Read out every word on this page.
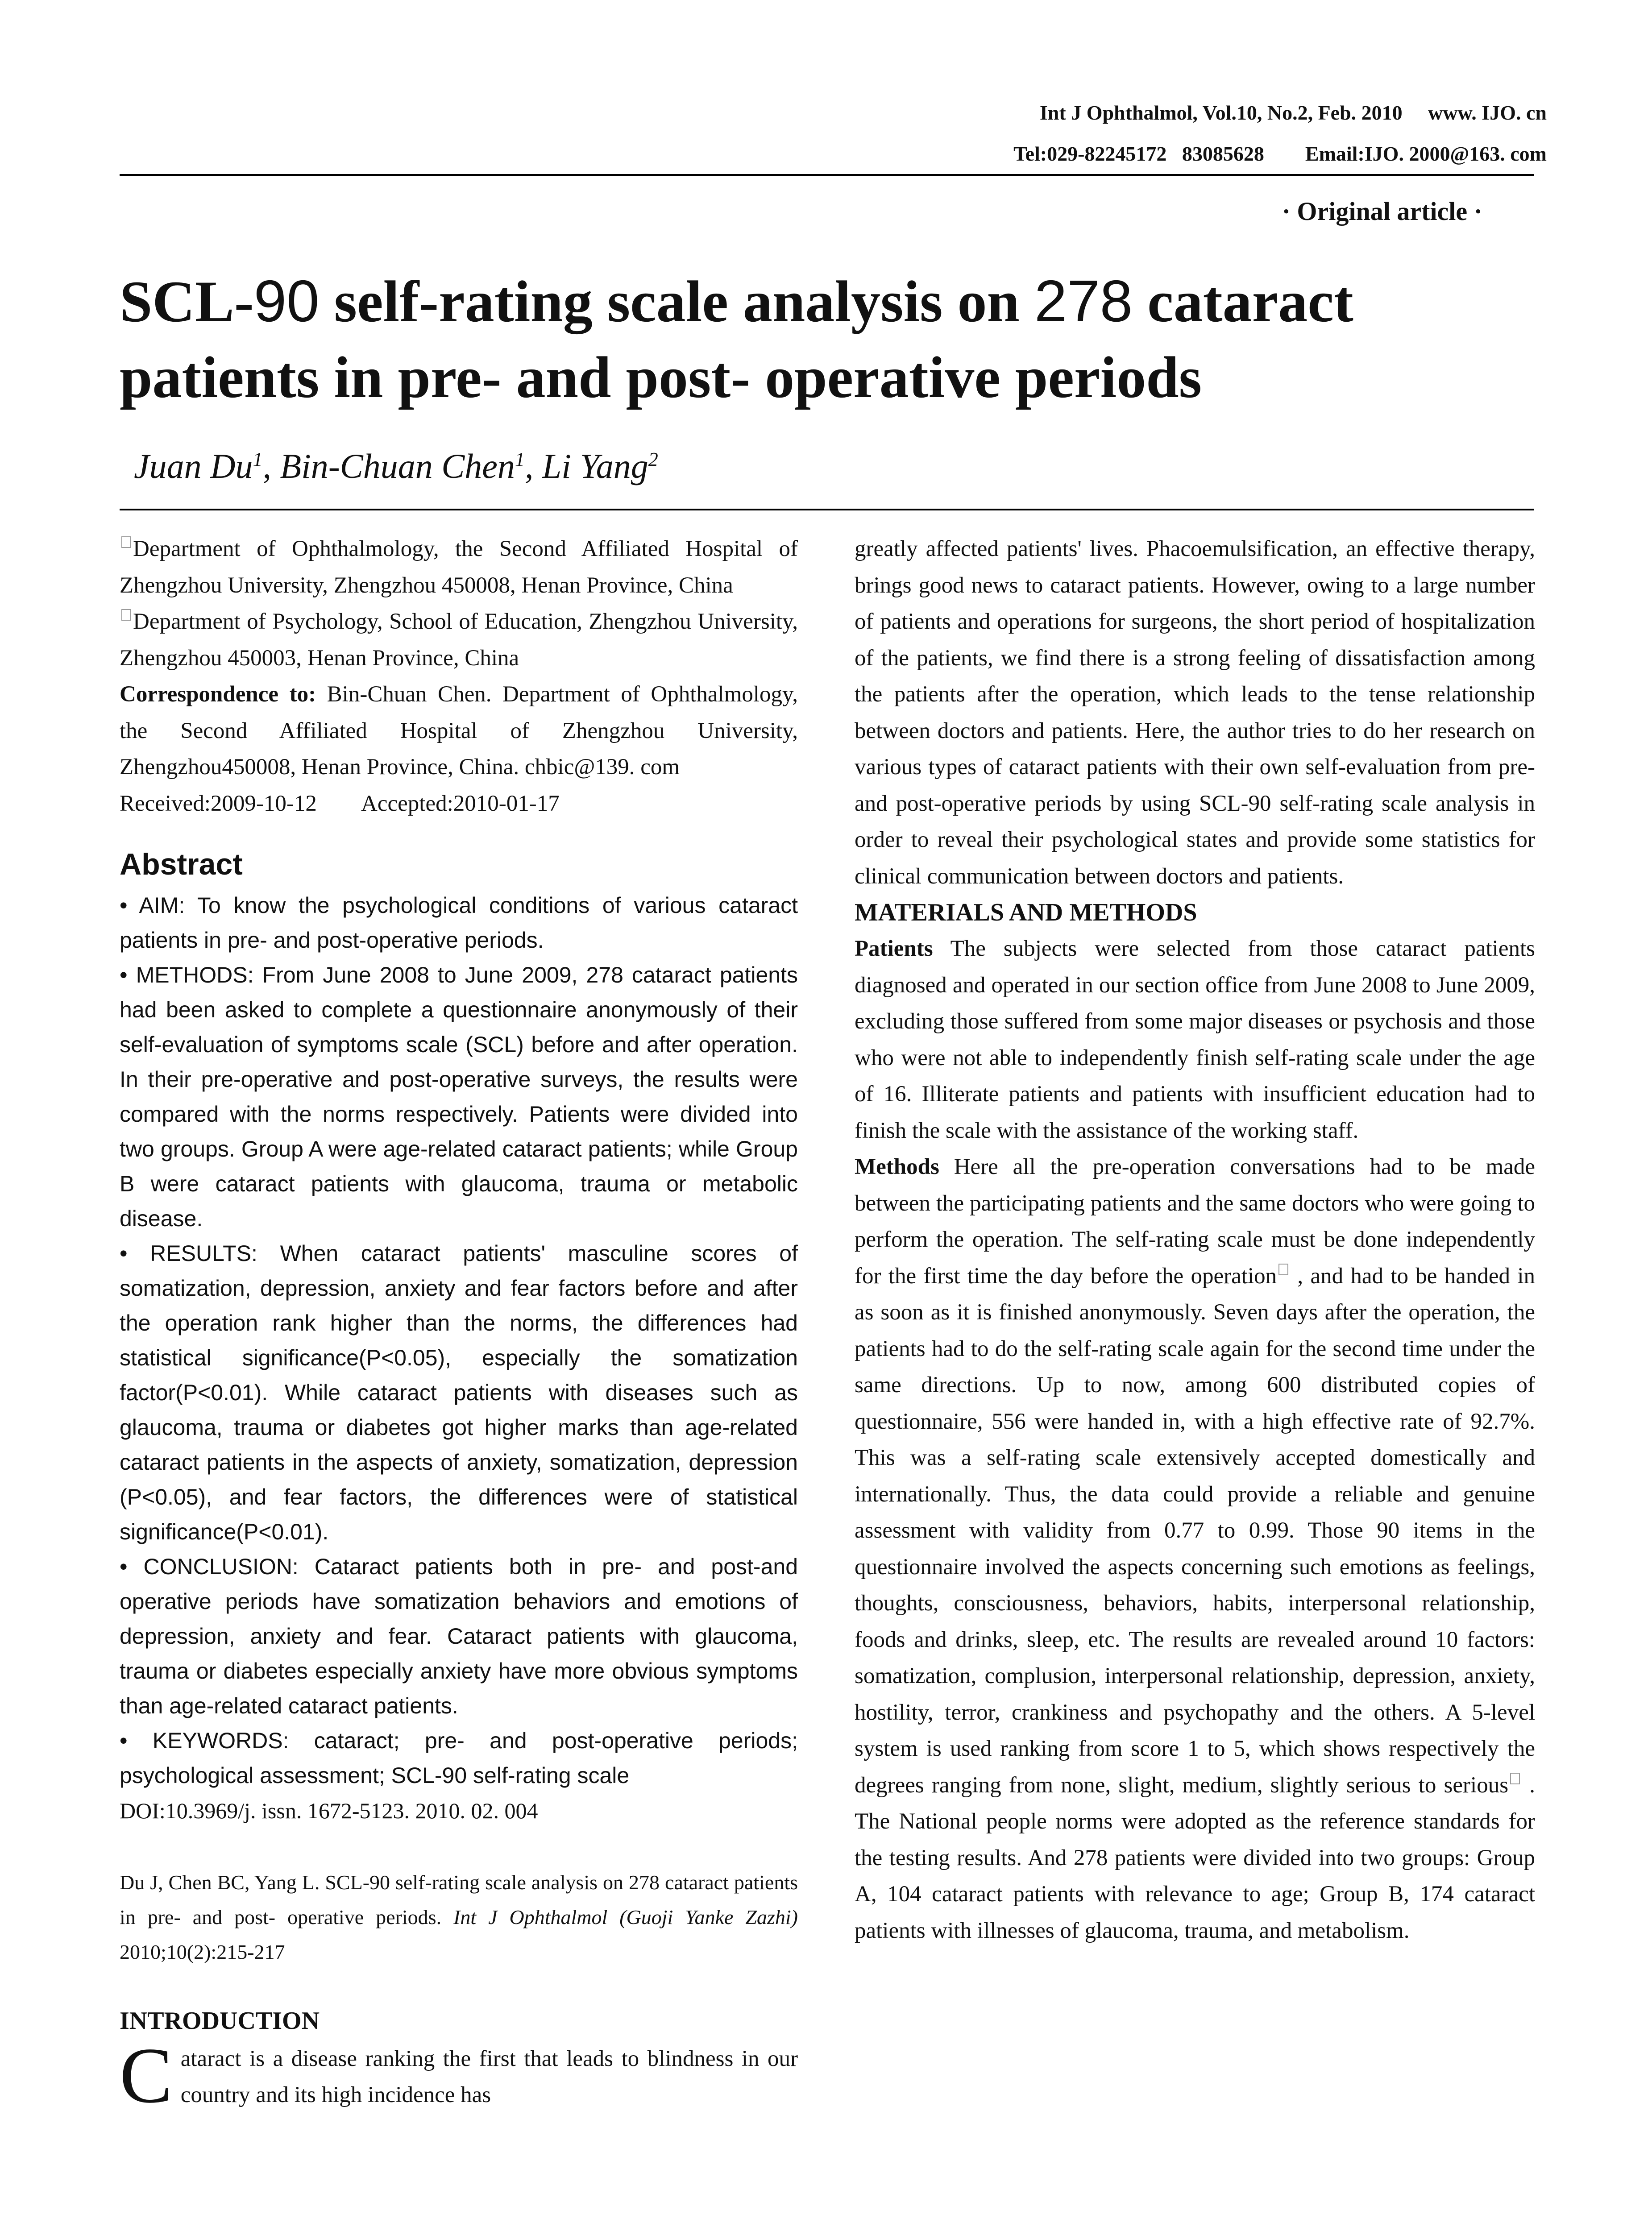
Int J Ophthalmol, Vol.10, No.2, Feb. 2010     www. IJO. cn
Tel:029-82245172   83085628        Email:IJO. 2000@163. com
· Original article ·
SCL-90 self-rating scale analysis on 278 cataract patients in pre- and post- operative periods
Juan Du$^1$, Bin-Chuan Chen$^1$, Li Yang$^2$

Department of Ophthalmology, the Second Affiliated Hospital of Zhengzhou University, Zhengzhou 450008, Henan Province, China

Department of Psychology, School of Education, Zhengzhou University, Zhengzhou 450003, Henan Province, China

Correspondence to: Bin-Chuan Chen. Department of Ophthalmology, the Second Affiliated Hospital of Zhengzhou University, Zhengzhou450008, Henan Province, China. chbic@139. com

Received:2009-10-12        Accepted:2010-01-17

Abstract

• AIM: To know the psychological conditions of various cataract patients in pre- and post-operative periods.

• METHODS: From June 2008 to June 2009, 278 cataract patients had been asked to complete a questionnaire anonymously of their self-evaluation of symptoms scale (SCL) before and after operation. In their pre-operative and post-operative surveys, the results were compared with the norms respectively. Patients were divided into two groups. Group A were age-related cataract patients; while Group B were cataract patients with glaucoma, trauma or metabolic disease.

• RESULTS: When cataract patients' masculine scores of somatization, depression, anxiety and fear factors before and after the operation rank higher than the norms, the differences had statistical significance(P<0.05), especially the somatization factor(P<0.01). While cataract patients with diseases such as glaucoma, trauma or diabetes got higher marks than age-related cataract patients in the aspects of anxiety, somatization, depression (P<0.05), and fear factors, the differences were of statistical significance(P<0.01).

• CONCLUSION: Cataract patients both in pre- and post-and operative periods have somatization behaviors and emotions of depression, anxiety and fear. Cataract patients with glaucoma, trauma or diabetes especially anxiety have more obvious symptoms than age-related cataract patients.

• KEYWORDS: cataract; pre- and post-operative periods; psychological assessment; SCL-90 self-rating scale

DOI:10.3969/j. issn. 1672-5123. 2010. 02. 004

Du J, Chen BC, Yang L. SCL-90 self-rating scale analysis on 278 cataract patients in pre- and post- operative periods. Int J Ophthalmol (Guoji Yanke Zazhi) 2010;10(2):215-217

INTRODUCTION

Cataract is a disease ranking the first that leads to blindness in our country and its high incidence has

greatly affected patients' lives. Phacoemulsification, an effective therapy, brings good news to cataract patients. However, owing to a large number of patients and operations for surgeons, the short period of hospitalization of the patients, we find there is a strong feeling of dissatisfaction among the patients after the operation, which leads to the tense relationship between doctors and patients. Here, the author tries to do her research on various types of cataract patients with their own self-evaluation from pre- and post-operative periods by using SCL-90 self-rating scale analysis in order to reveal their psychological states and provide some statistics for clinical communication between doctors and patients.

MATERIALS AND METHODS

Patients The subjects were selected from those cataract patients diagnosed and operated in our section office from June 2008 to June 2009, excluding those suffered from some major diseases or psychosis and those who were not able to independently finish self-rating scale under the age of 16. Illiterate patients and patients with insufficient education had to finish the scale with the assistance of the working staff.

Methods Here all the pre-operation conversations had to be made between the participating patients and the same doctors who were going to perform the operation. The self-rating scale must be done independently for the first time the day before the operation , and had to be handed in as soon as it is finished anonymously. Seven days after the operation, the patients had to do the self-rating scale again for the second time under the same directions. Up to now, among 600 distributed copies of questionnaire, 556 were handed in, with a high effective rate of 92.7%. This was a self-rating scale extensively accepted domestically and internationally. Thus, the data could provide a reliable and genuine assessment with validity from 0.77 to 0.99. Those 90 items in the questionnaire involved the aspects concerning such emotions as feelings, thoughts, consciousness, behaviors, habits, interpersonal relationship, foods and drinks, sleep, etc. The results are revealed around 10 factors: somatization, complusion, interpersonal relationship, depression, anxiety, hostility, terror, crankiness and psychopathy and the others. A 5-level system is used ranking from score 1 to 5, which shows respectively the degrees ranging from none, slight, medium, slightly serious to serious . The National people norms were adopted as the reference standards for the testing results. And 278 patients were divided into two groups: Group A, 104 cataract patients with relevance to age; Group B, 174 cataract patients with illnesses of glaucoma, trauma, and metabolism.
